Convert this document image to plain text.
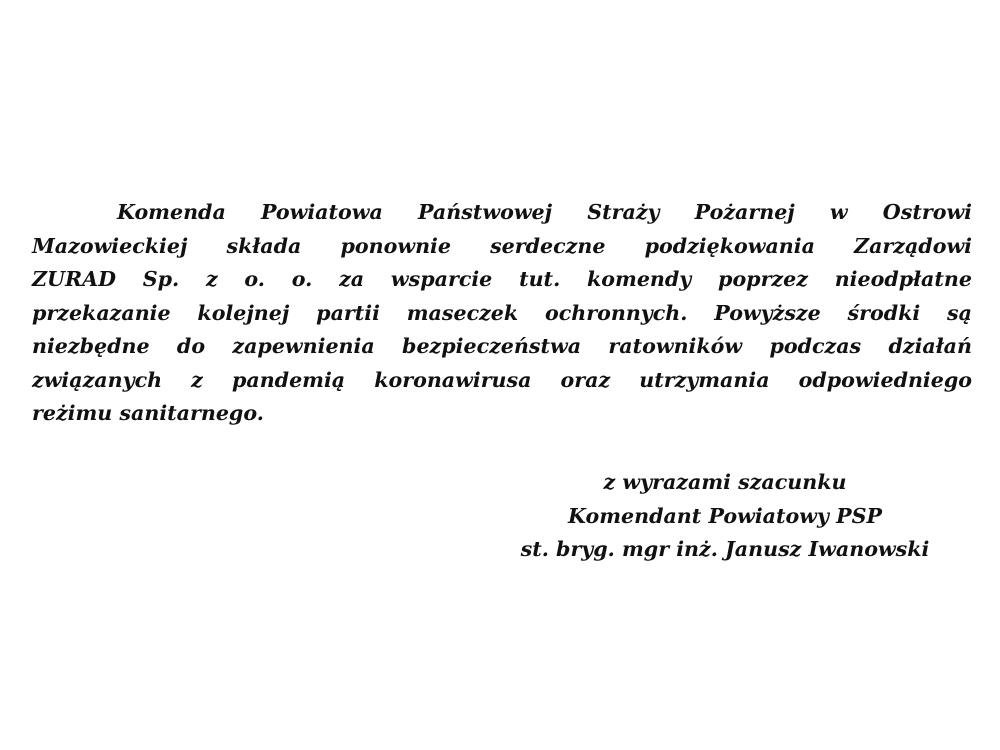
Komenda Powiatowa Państwowej Straży Pożarnej w Ostrowi
Mazowieckiej składa ponownie serdeczne podziękowania Zarządowi
ZURAD Sp. z o. o. za wsparcie tut. komendy poprzez nieodpłatne
przekazanie kolejnej partii maseczek ochronnych. Powyższe środki są
niezbędne do zapewnienia bezpieczeństwa ratowników podczas działań
związanych z pandemią koronawirusa oraz utrzymania odpowiedniego
reżimu sanitarnego.

z wyrazami szacunku
Komendant Powiatowy PSP
st. bryg. mgr inż. Janusz Iwanowski
